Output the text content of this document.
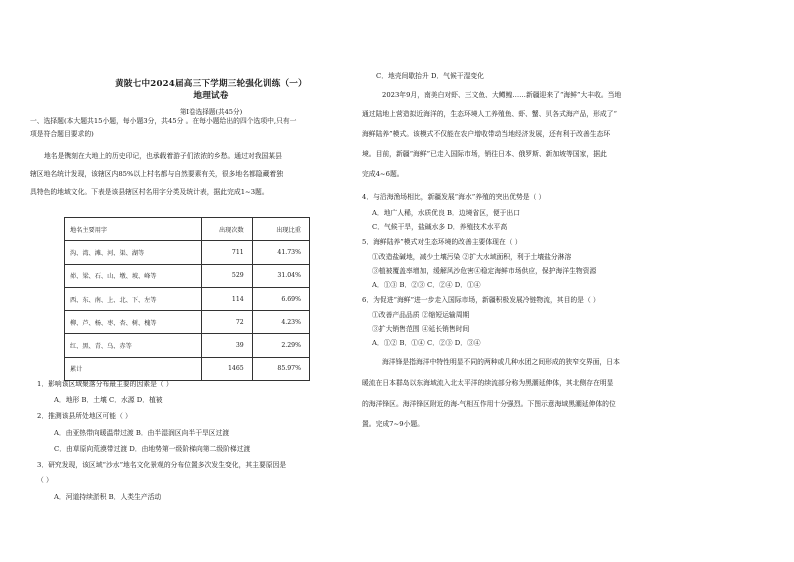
黄陂七中2024届高三下学期三轮强化训练（一）
地理试卷
第I卷选择题(共45分)
一、选择题(本大题共15小题，每小题3分，共45分 。在每小题给出的四个选项中,只有一
项是符合题目要求的)
地名是镌刻在大地上的历史印记，也承载着游子们浓浓的乡愁。通过对我国某县
辖区地名统计发现，该辖区内85%以上村名都与自然要素有关，很多地名都隐藏着独
具特色的地域文化。下表是该县辖区村名用字分类及统计表，据此完成1~3题。
地名主要用字	出现次数	出现比重
沟、湾、滩、河、渠、湖等	711	41.73%
峁、梁、石、山、墩、坡、峰等	529	31.04%
西、东、南、上、北、下、左等	114	6.69%
柳、芦、杨、枣、杏、树、槐等	72	4.23%
红、黑、青、乌、赤等	39	2.29%
累计	1465	85.97%
1．影响该区域聚落分布最主要的因素是（ ）
A．地形 B．土壤 C．水源 D．植被
2．推测该县所处地区可能（ ）
A．由亚热带向暖温带过渡 B．由半湿润区向半干旱区过渡
C．由草原向荒漠带过渡 D．由地势第一级阶梯向第二级阶梯过渡
3．研究发现，该区域“沙水”地名文化景观的分布位置多次发生变化，其主要原因是
（ ）
A．河道持续淤积 B．人类生产活动
C．地壳间歇抬升 D．气候干湿变化
2023年9月，南美白对虾、三文鱼、大鳟鳇……新疆迎来了“海鲜”大丰收。当地
通过陆地上营造拟近海洋的，生态环境人工养殖鱼、虾、蟹、贝各式海产品，形成了“
海鲜陆养”模式。该模式不仅能在农户增收带动当地经济发展，还有利于改善生态环
境。目前，新疆“海鲜”已走入国际市场，销往日本、俄罗斯、新加坡等国家，据此
完成4~6题。
4．与沿海渔场相比，新疆发展“海水”养殖的突出优势是（ ）
A．地广人稀，水质优良 B．边境省区，便于出口
C．气候干旱，盐碱水多 D．养殖技术水平高
5．海鲜陆养”模式对生态环境的改善主要体现在（ ）
①改造盐碱地，减少土壤污染 ②扩大水域面积，利于土壤盐分淋溶
③植被覆盖率增加，缓解风沙危害④稳定海鲜市场供应，保护海洋生物资源
A．①③ B．②③ C．②④ D．①④
6．为促进“海鲜”进一步走入国际市场，新疆积极发展冷链物流，其目的是（ ）
①改善产品品质 ②缩短运输周期
③扩大销售范围 ④延长销售时间
A．①② B．①④ C．②③ D．③④
海洋锋是指海洋中特性明显不同的两种或几种水团之间形成的狭窄交界面，日本
暖流在日本群岛以东海域流入北太平洋的续流部分称为黑潮延伸体，其北侧存在明显
的海洋锋区。海洋锋区附近的海-气相互作用十分强烈。下图示意海域黑潮延伸体的位
置。完成7~9小题。
